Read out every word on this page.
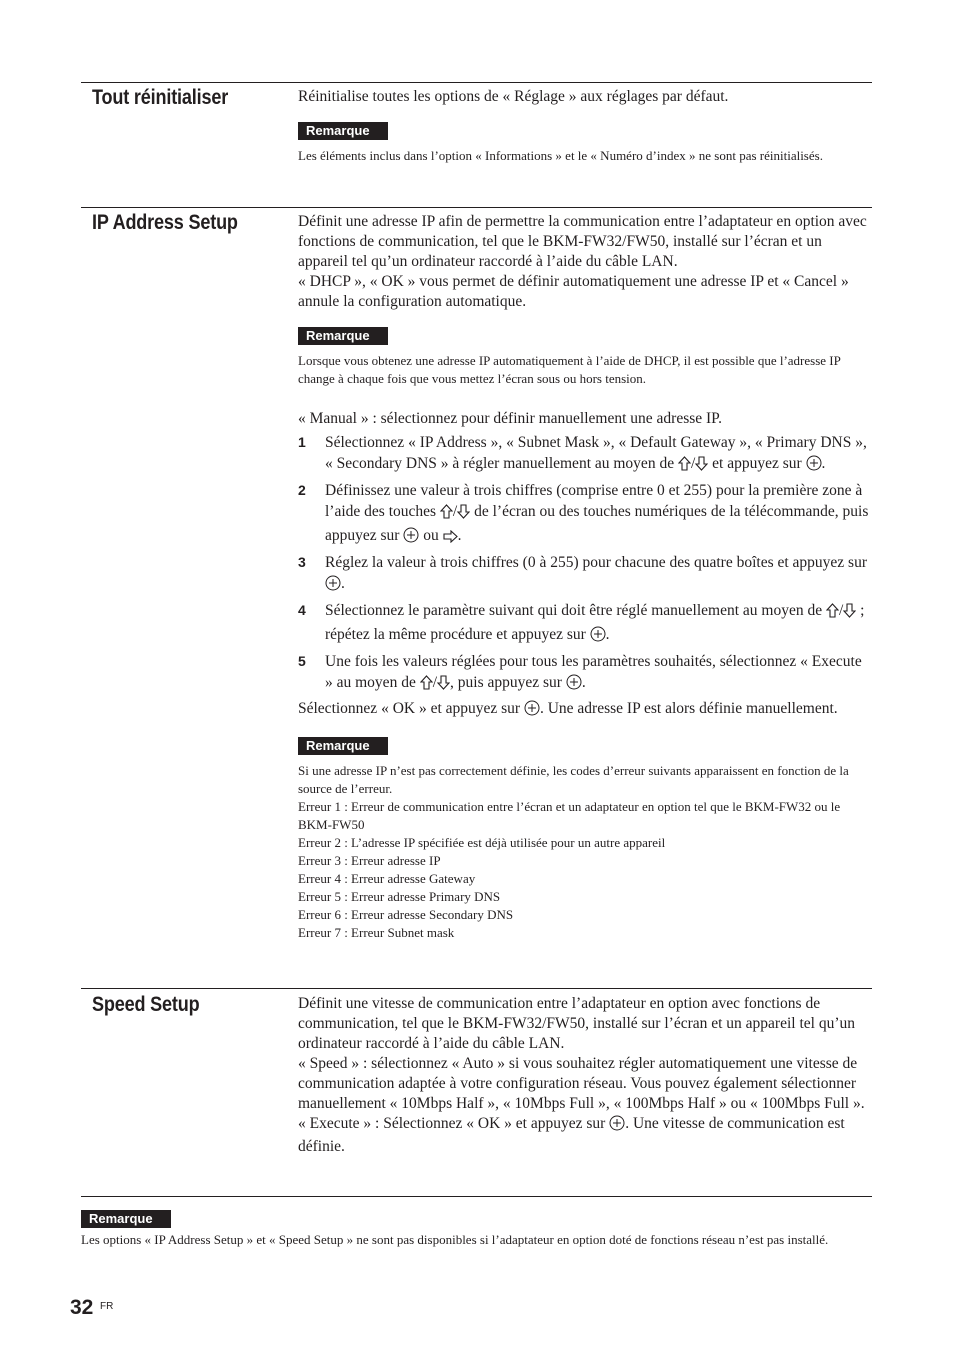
Tout réinitialiser	Réinitialise toutes les options de « Réglage » aux réglages par défaut.

Remarque

Les éléments inclus dans l’option « Informations » et le « Numéro d’index » ne sont pas réinitialisés.

IP Address Setup	Définit une adresse IP afin de permettre la communication entre l’adaptateur en option avec fonctions de communication, tel que le BKM-FW32/FW50, installé sur l’écran et un appareil tel qu’un ordinateur raccordé à l’aide du câble LAN.

« DHCP », « OK » vous permet de définir automatiquement une adresse IP et « Cancel » annule la configuration automatique.

Remarque

Lorsque vous obtenez une adresse IP automatiquement à l’aide de DHCP, il est possible que l’adresse IP change à chaque fois que vous mettez l’écran sous ou hors tension.

« Manual » : sélectionnez pour définir manuellement une adresse IP.

1 Sélectionnez « IP Address », « Subnet Mask », « Default Gateway », « Primary DNS », « Secondary DNS » à régler manuellement au moyen de / et appuyez sur .
2 Définissez une valeur à trois chiffres (comprise entre 0 et 255) pour la première zone à l’aide des touches / de l’écran ou des touches numériques de la télécommande, puis appuyez sur  ou .
3 Réglez la valeur à trois chiffres (0 à 255) pour chacune des quatre boîtes et appuyez sur .
4 Sélectionnez le paramètre suivant qui doit être réglé manuellement au moyen de / ; répétez la même procédure et appuyez sur .
5 Une fois les valeurs réglées pour tous les paramètres souhaités, sélectionnez « Execute » au moyen de / , puis appuyez sur .

Sélectionnez « OK » et appuyez sur . Une adresse IP est alors définie manuellement.

Remarque

Si une adresse IP n’est pas correctement définie, les codes d’erreur suivants apparaissent en fonction de la source de l’erreur.

Erreur 1 : Erreur de communication entre l’écran et un adaptateur en option tel que le BKM-FW32 ou le BKM-FW50

Erreur 2 : L’adresse IP spécifiée est déjà utilisée pour un autre appareil

Erreur 3 : Erreur adresse IP

Erreur 4 : Erreur adresse Gateway

Erreur 5 : Erreur adresse Primary DNS

Erreur 6 : Erreur adresse Secondary DNS

Erreur 7 : Erreur Subnet mask

Speed Setup	Définit une vitesse de communication entre l’adaptateur en option avec fonctions de communication, tel que le BKM-FW32/FW50, installé sur l’écran et un appareil tel qu’un ordinateur raccordé à l’aide du câble LAN.

« Speed » : sélectionnez « Auto » si vous souhaitez régler automatiquement une vitesse de communication adaptée à votre configuration réseau. Vous pouvez également sélectionner manuellement « 10Mbps Half », « 10Mbps Full », « 100Mbps Half » ou « 100Mbps Full ».

« Execute » : Sélectionnez « OK » et appuyez sur . Une vitesse de communication est définie.

Remarque

Les options « IP Address Setup » et « Speed Setup » ne sont pas disponibles si l’adaptateur en option doté de fonctions réseau n’est pas installé.

32 FR
